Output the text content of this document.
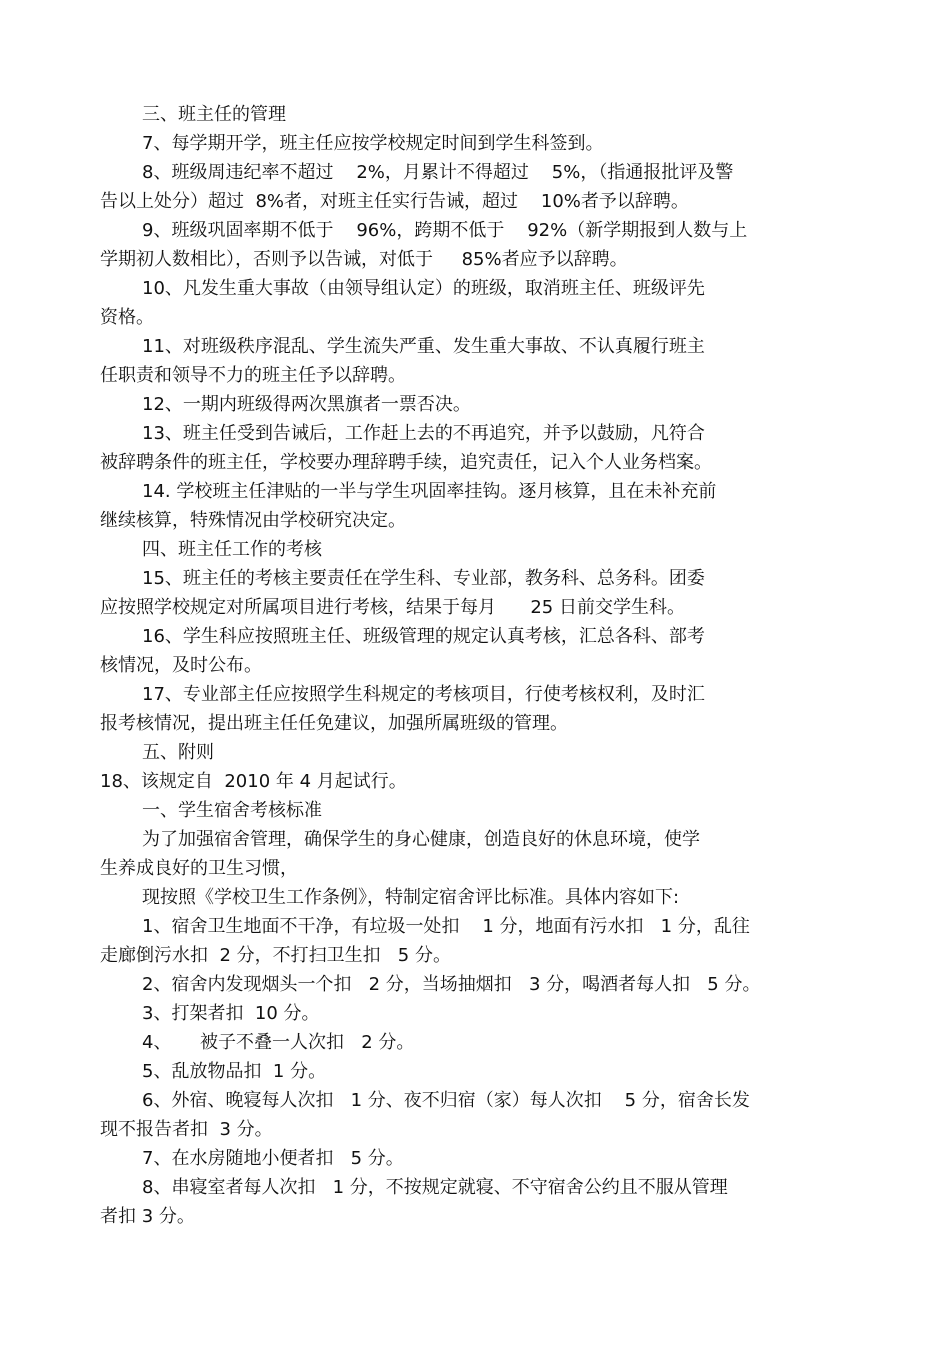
三、班主任的管理
7、每学期开学，班主任应按学校规定时间到学生科签到。
8、班级周违纪率不超过    2%，月累计不得超过    5%，（指通报批评及警
告以上处分）超过  8%者，对班主任实行告诫，超过    10%者予以辞聘。
9、班级巩固率期不低于    96%，跨期不低于    92%（新学期报到人数与上
学期初人数相比），否则予以告诫，对低于     85%者应予以辞聘。
10、凡发生重大事故（由领导组认定）的班级，取消班主任、班级评先
资格。
11、对班级秩序混乱、学生流失严重、发生重大事故、不认真履行班主
任职责和领导不力的班主任予以辞聘。
12、一期内班级得两次黑旗者一票否决。
13、班主任受到告诫后，工作赶上去的不再追究，并予以鼓励，凡符合
被辞聘条件的班主任，学校要办理辞聘手续，追究责任，记入个人业务档案。
14. 学校班主任津贴的一半与学生巩固率挂钩。逐月核算，且在未补充前
继续核算，特殊情况由学校研究决定。
四、班主任工作的考核
15、班主任的考核主要责任在学生科、专业部，教务科、总务科。团委
应按照学校规定对所属项目进行考核，结果于每月      25 日前交学生科。
16、学生科应按照班主任、班级管理的规定认真考核，汇总各科、部考
核情况，及时公布。
17、专业部主任应按照学生科规定的考核项目，行使考核权利，及时汇
报考核情况，提出班主任任免建议，加强所属班级的管理。
五、附则
18、该规定自  2010 年 4 月起试行。
一、学生宿舍考核标准
为了加强宿舍管理，确保学生的身心健康，创造良好的休息环境，使学
生养成良好的卫生习惯，
现按照《学校卫生工作条例》，特制定宿舍评比标准。具体内容如下:
1、宿舍卫生地面不干净，有垃圾一处扣    1 分，地面有污水扣   1 分，乱往
走廊倒污水扣  2 分，不打扫卫生扣   5 分。
2、宿舍内发现烟头一个扣   2 分，当场抽烟扣   3 分，喝酒者每人扣   5 分。
3、打架者扣  10 分。
4、     被子不叠一人次扣   2 分。
5、乱放物品扣  1 分。
6、外宿、晚寝每人次扣   1 分、夜不归宿（家）每人次扣    5 分，宿舍长发
现不报告者扣  3 分。
7、在水房随地小便者扣   5 分。
8、串寝室者每人次扣   1 分，不按规定就寝、不守宿舍公约且不服从管理
者扣 3 分。
